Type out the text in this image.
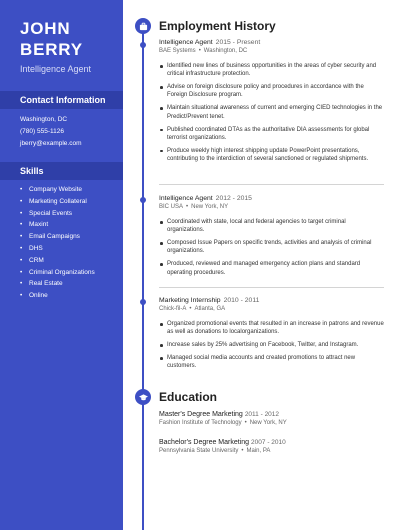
JOHN
BERRY
Intelligence Agent
Contact Information
Washington, DC
(780) 555-1126
jberry@example.com
Skills
• Company Website
• Marketing Collateral
• Special Events
• Maxint
• Email Campaigns
• DHS
• CRM
• Criminal Organizations
• Real Estate
• Online
Employment History
Intelligence Agent 2015 - Present
BAE Systems • Washington, DC
Identified new lines of business opportunities in the areas of cyber security and critical infrastructure protection.
Advise on foreign disclosure policy and procedures in accordance with the Foreign Disclosure program.
Maintain situational awareness of current and emerging CIED technologies in the Predict/Prevent tenet.
Published coordinated DTAs as the authoritative DIA assessments for global terrorist organizations.
Produce weekly high interest shipping update PowerPoint presentations, contributing to the interdiction of several sanctioned or regulated shipments.
Intelligence Agent 2012 - 2015
BIC USA • New York, NY
Coordinated with state, local and federal agencies to target criminal organizations.
Composed Issue Papers on specific trends, activities and analysis of criminal organizations.
Produced, reviewed and managed emergency action plans and standard operating procedures.
Marketing Internship 2010 - 2011
Chick-fil-A • Atlanta, GA
Organized promotional events that resulted in an increase in patrons and revenue as well as donations to localorganizations.
Increase sales by 25% advertising on Facebook, Twitter, and Instagram.
Managed social media accounts and created promotions to attract new customers.
Education
Master's Degree Marketing 2011 - 2012
Fashion Institute of Technology • New York, NY
Bachelor's Degree Marketing 2007 - 2010
Pennsylvania State University • Main, PA
